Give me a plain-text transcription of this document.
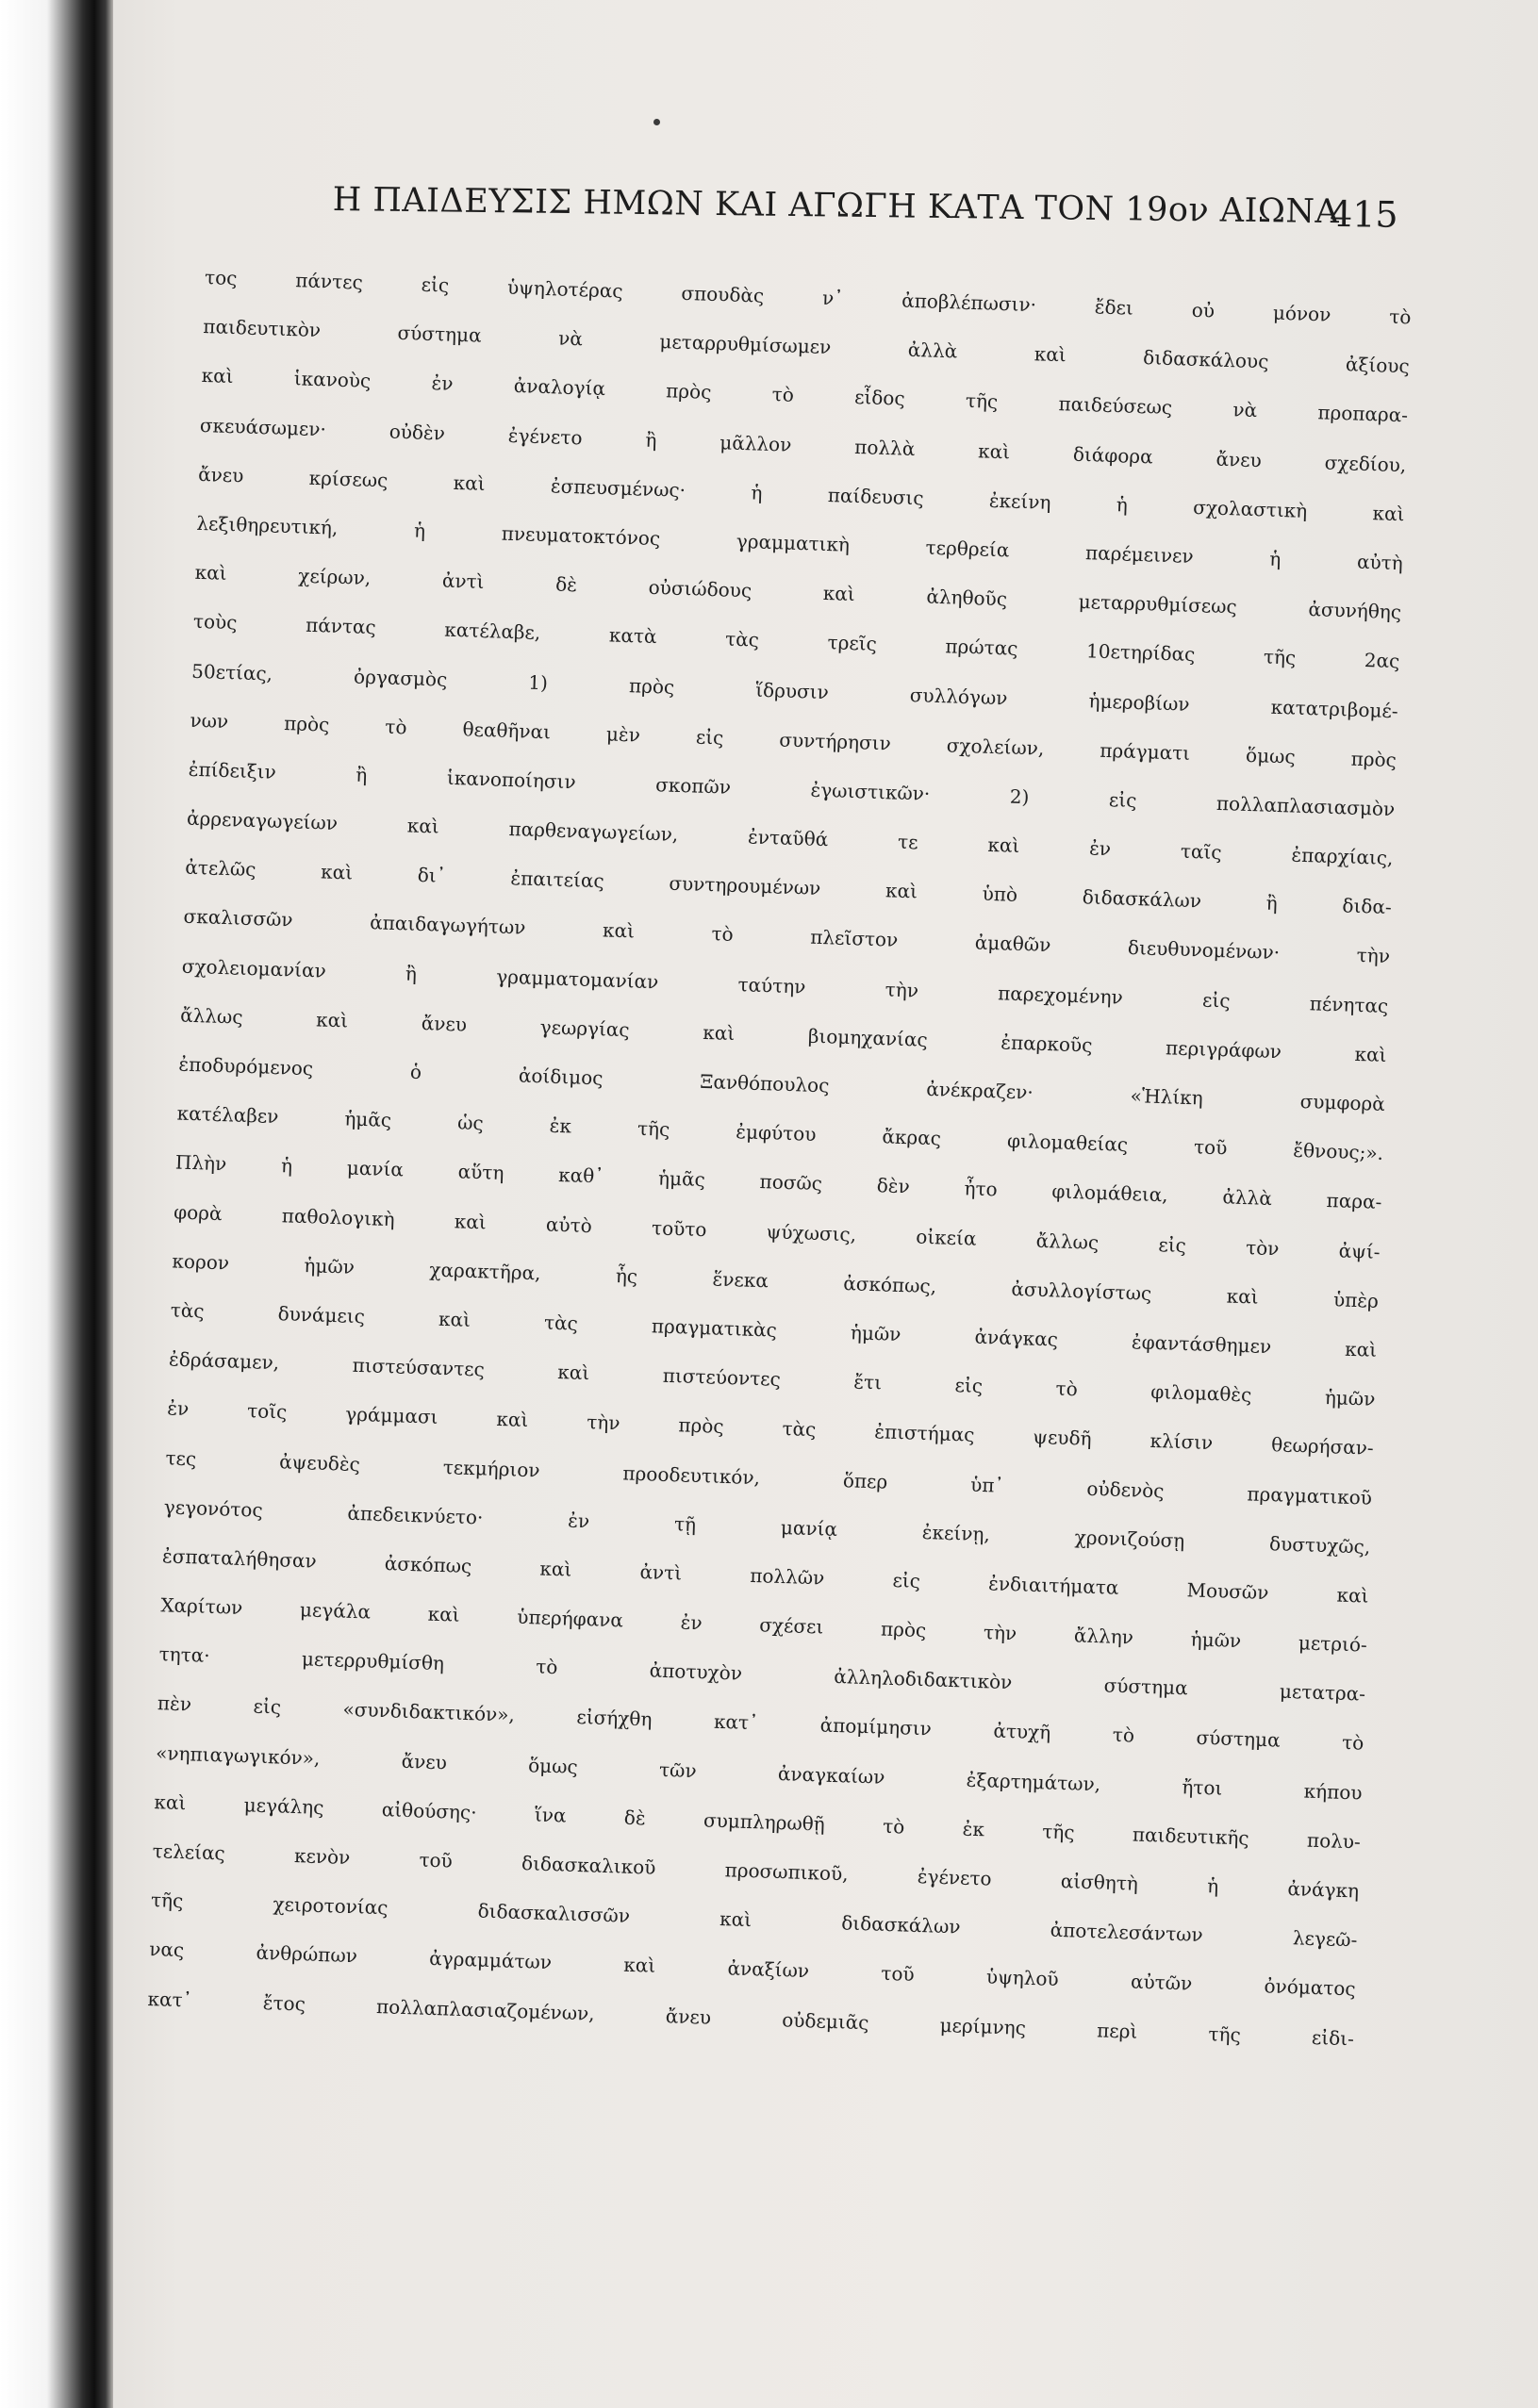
Η ΠΑΙΔΕΥΣΙΣ ΗΜΩΝ ΚΑΙ ΑΓΩΓΗ ΚΑΤΑ ΤΟΝ 19ον ΑΙΩΝΑ
415
τος πάντες εἰς ὑψηλοτέρας σπουδὰς ν᾽ ἀποβλέπωσιν· ἔδει οὐ μόνον τὸ
παιδευτικὸν σύστημα νὰ μεταρρυθμίσωμεν ἀλλὰ καὶ διδασκάλους ἀξίους
καὶ ἱκανοὺς ἐν ἀναλογίᾳ πρὸς τὸ εἶδος τῆς παιδεύσεως νὰ προπαρα-
σκευάσωμεν· οὐδὲν ἐγένετο ἢ μᾶλλον πολλὰ καὶ διάφορα ἄνευ σχεδίου,
ἄνευ κρίσεως καὶ ἐσπευσμένως· ἡ παίδευσις ἐκείνη ἡ σχολαστικὴ καὶ
λεξιθηρευτική, ἡ πνευματοκτόνος γραμματικὴ τερθρεία παρέμεινεν ἡ αὐτὴ
καὶ χείρων, ἀντὶ δὲ οὐσιώδους καὶ ἀληθοῦς μεταρρυθμίσεως ἀσυνήθης
τοὺς πάντας κατέλαβε, κατὰ τὰς τρεῖς πρώτας 10ετηρίδας τῆς 2ας
50ετίας, ὀργασμὸς 1) πρὸς ἵδρυσιν συλλόγων ἡμεροβίων κατατριβομέ-
νων πρὸς τὸ θεαθῆναι μὲν εἰς συντήρησιν σχολείων, πράγματι ὅμως πρὸς
ἐπίδειξιν ἢ ἱκανοποίησιν σκοπῶν ἐγωιστικῶν· 2) εἰς πολλαπλασιασμὸν
ἀρρεναγωγείων καὶ παρθεναγωγείων, ἐνταῦθά τε καὶ ἐν ταῖς ἐπαρχίαις,
ἀτελῶς καὶ δι᾽ ἐπαιτείας συντηρουμένων καὶ ὑπὸ διδασκάλων ἢ διδα-
σκαλισσῶν ἀπαιδαγωγήτων καὶ τὸ πλεῖστον ἀμαθῶν διευθυνομένων· τὴν
σχολειομανίαν ἢ γραμματομανίαν ταύτην τὴν παρεχομένην εἰς πένητας
ἄλλως καὶ ἄνευ γεωργίας καὶ βιομηχανίας ἐπαρκοῦς περιγράφων καὶ
ἐποδυρόμενος ὁ ἀοίδιμος Ξανθόπουλος ἀνέκραζεν· «Ἡλίκη συμφορὰ
κατέλαβεν ἡμᾶς ὡς ἐκ τῆς ἐμφύτου ἄκρας φιλομαθείας τοῦ ἔθνους;».
Πλὴν ἡ μανία αὕτη καθ᾽ ἡμᾶς ποσῶς δὲν ἦτο φιλομάθεια, ἀλλὰ παρα-
φορὰ παθολογικὴ καὶ αὐτὸ τοῦτο ψύχωσις, οἰκεία ἄλλως εἰς τὸν ἀψί-
κορον ἡμῶν χαρακτῆρα, ἧς ἕνεκα ἀσκόπως, ἀσυλλογίστως καὶ ὑπὲρ
τὰς δυνάμεις καὶ τὰς πραγματικὰς ἡμῶν ἀνάγκας ἐφαντάσθημεν καὶ
ἐδράσαμεν, πιστεύσαντες καὶ πιστεύοντες ἔτι εἰς τὸ φιλομαθὲς ἡμῶν
ἐν τοῖς γράμμασι καὶ τὴν πρὸς τὰς ἐπιστήμας ψευδῆ κλίσιν θεωρήσαν-
τες ἀψευδὲς τεκμήριον προοδευτικόν, ὅπερ ὑπ᾽ οὐδενὸς πραγματικοῦ
γεγονότος ἀπεδεικνύετο· ἐν τῇ μανίᾳ ἐκείνῃ, χρονιζούσῃ δυστυχῶς,
ἐσπαταλήθησαν ἀσκόπως καὶ ἀντὶ πολλῶν εἰς ἐνδιαιτήματα Μουσῶν καὶ
Χαρίτων μεγάλα καὶ ὑπερήφανα ἐν σχέσει πρὸς τὴν ἄλλην ἡμῶν μετριό-
τητα· μετερρυθμίσθη τὸ ἀποτυχὸν ἀλληλοδιδακτικὸν σύστημα μετατρα-
πὲν εἰς «συνδιδακτικόν», εἰσήχθη κατ᾽ ἀπομίμησιν ἀτυχῆ τὸ σύστημα τὸ
«νηπιαγωγικόν», ἄνευ ὅμως τῶν ἀναγκαίων ἐξαρτημάτων, ἤτοι κήπου
καὶ μεγάλης αἰθούσης· ἵνα δὲ συμπληρωθῇ τὸ ἐκ τῆς παιδευτικῆς πολυ-
τελείας κενὸν τοῦ διδασκαλικοῦ προσωπικοῦ, ἐγένετο αἰσθητὴ ἡ ἀνάγκη
τῆς χειροτονίας διδασκαλισσῶν καὶ διδασκάλων ἀποτελεσάντων λεγεῶ-
νας ἀνθρώπων ἀγραμμάτων καὶ ἀναξίων τοῦ ὑψηλοῦ αὐτῶν ὀνόματος
κατ᾽ ἔτος πολλαπλασιαζομένων, ἄνευ οὐδεμιᾶς μερίμνης περὶ τῆς εἰδι-
